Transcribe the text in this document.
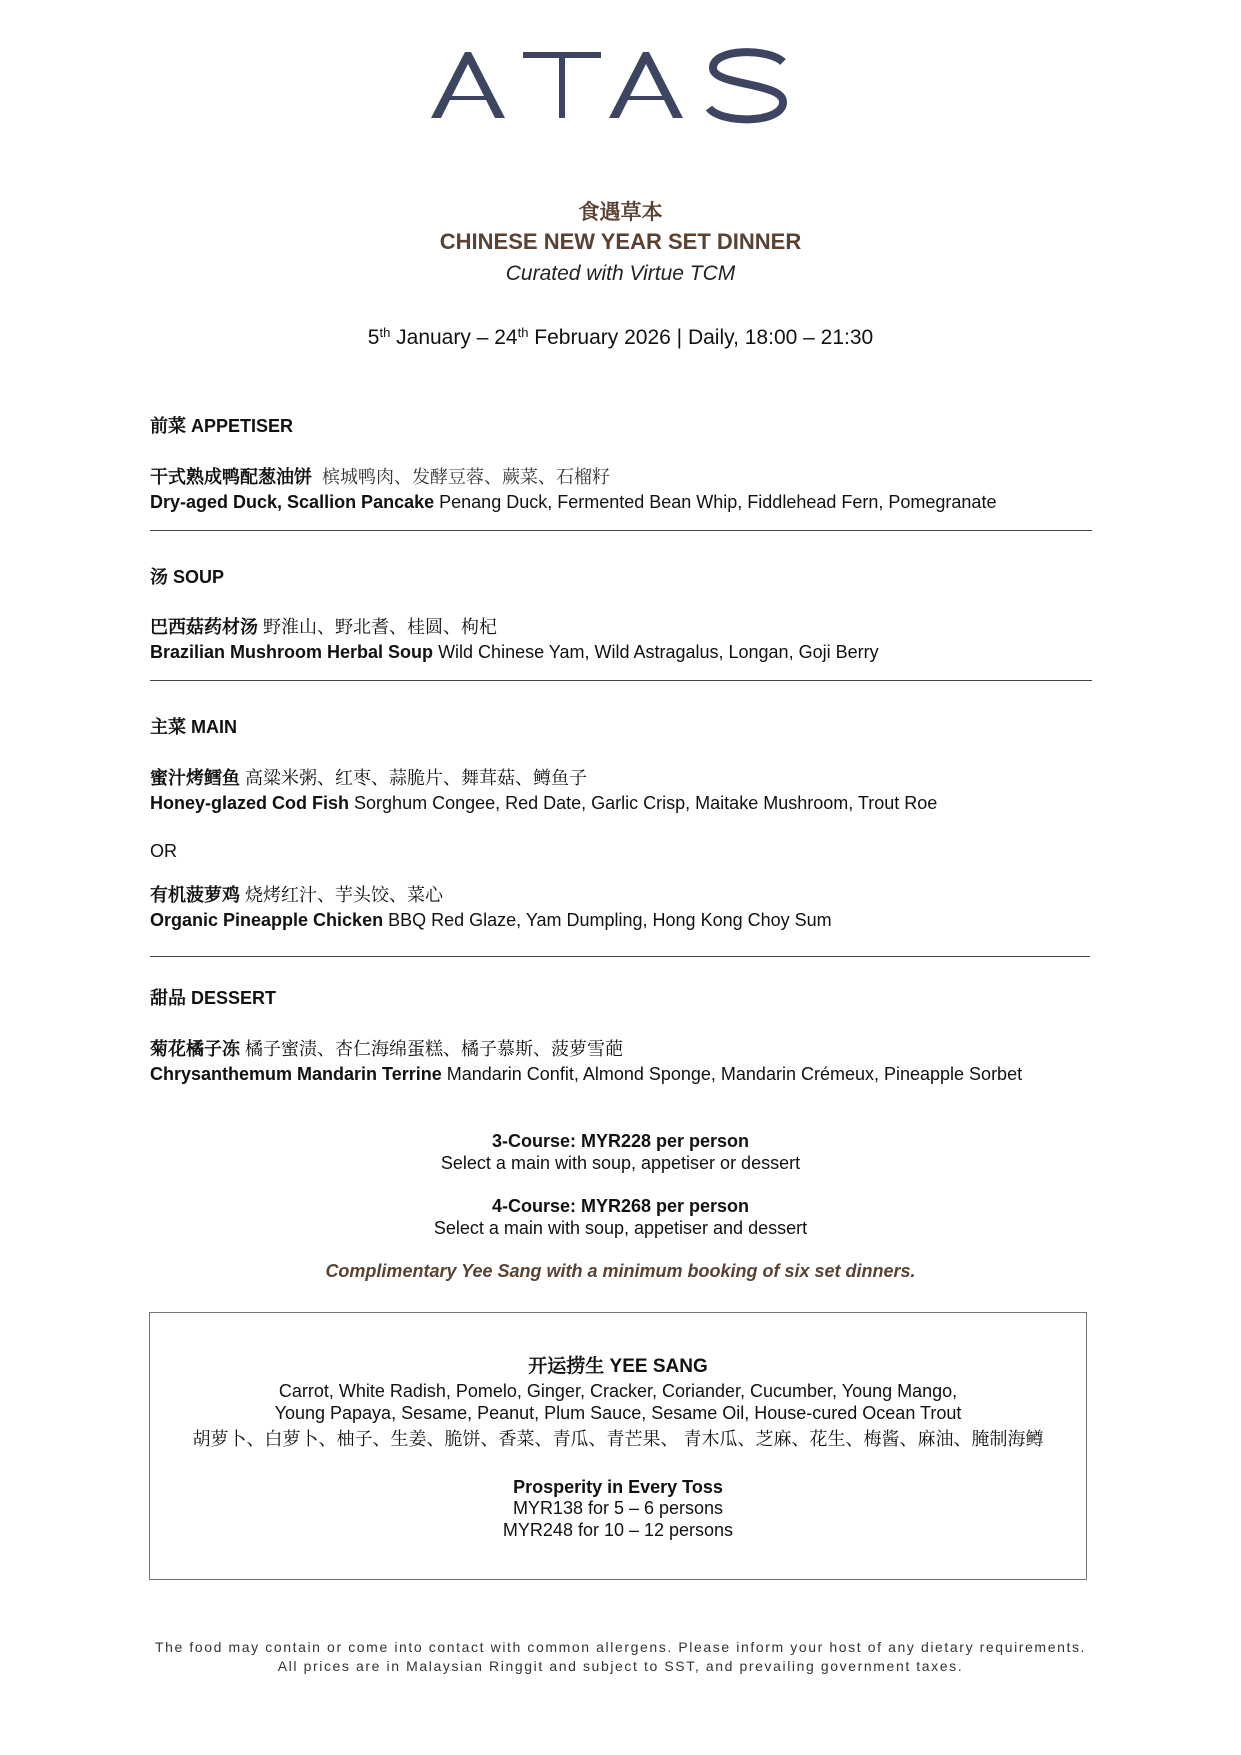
食遇草本
CHINESE NEW YEAR SET DINNER
Curated with Virtue TCM
5th January – 24th February 2026 | Daily, 18:00 – 21:30
前菜 APPETISER
干式熟成鸭配葱油饼 槟城鸭肉、发酵豆蓉、蕨菜、石榴籽
Dry-aged Duck, Scallion Pancake Penang Duck, Fermented Bean Whip, Fiddlehead Fern, Pomegranate
汤 SOUP
巴西菇药材汤 野淮山、野北耆、桂圆、枸杞
Brazilian Mushroom Herbal Soup Wild Chinese Yam, Wild Astragalus, Longan, Goji Berry
主菜 MAIN
蜜汁烤鳕鱼 高粱米粥、红枣、蒜脆片、舞茸菇、鳟鱼子
Honey-glazed Cod Fish Sorghum Congee, Red Date, Garlic Crisp, Maitake Mushroom, Trout Roe
OR
有机菠萝鸡 烧烤红汁、芋头饺、菜心
Organic Pineapple Chicken BBQ Red Glaze, Yam Dumpling, Hong Kong Choy Sum
甜品 DESSERT
菊花橘子冻 橘子蜜渍、杏仁海绵蛋糕、橘子慕斯、菠萝雪葩
Chrysanthemum Mandarin Terrine Mandarin Confit, Almond Sponge, Mandarin Crémeux, Pineapple Sorbet
3-Course: MYR228 per person
Select a main with soup, appetiser or dessert
4-Course: MYR268 per person
Select a main with soup, appetiser and dessert
Complimentary Yee Sang with a minimum booking of six set dinners.
开运捞生 YEE SANG
Carrot, White Radish, Pomelo, Ginger, Cracker, Coriander, Cucumber, Young Mango,
Young Papaya, Sesame, Peanut, Plum Sauce, Sesame Oil, House-cured Ocean Trout
胡萝卜、白萝卜、柚子、生姜、脆饼、香菜、青瓜、青芒果、 青木瓜、芝麻、花生、梅酱、麻油、腌制海鳟
Prosperity in Every Toss
MYR138 for 5 – 6 persons
MYR248 for 10 – 12 persons
The food may contain or come into contact with common allergens. Please inform your host of any dietary requirements.
All prices are in Malaysian Ringgit and subject to SST, and prevailing government taxes.
